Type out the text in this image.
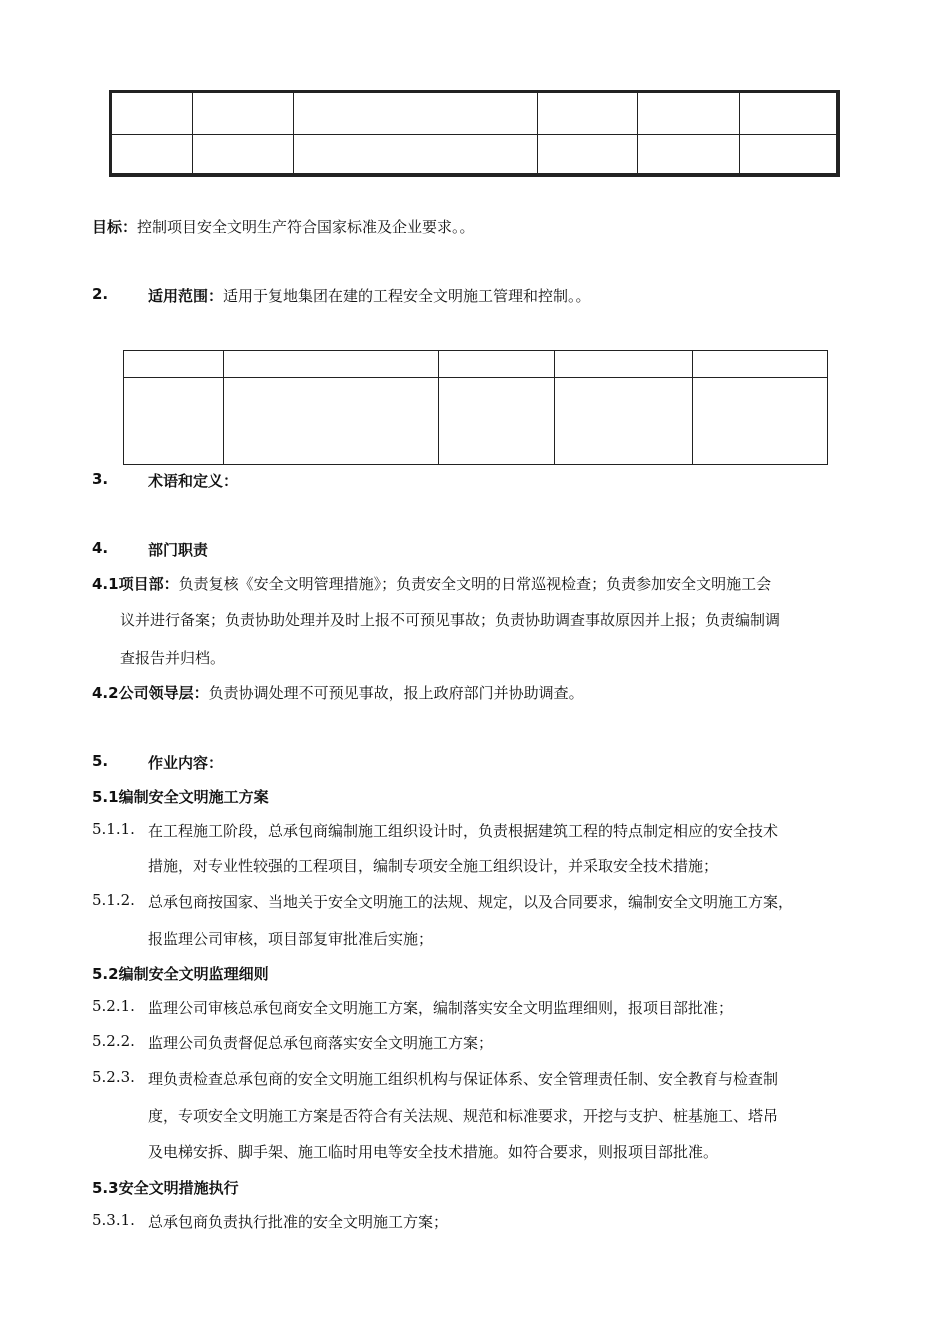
目标：控制项目安全文明生产符合国家标准及企业要求。。
2.	适用范围：适用于复地集团在建的工程安全文明施工管理和控制。。

3.	术语和定义：
4.	部门职责
4.1项目部：负责复核《安全文明管理措施》；负责安全文明的日常巡视检查；负责参加安全文明施工会
议并进行备案；负责协助处理并及时上报不可预见事故；负责协助调查事故原因并上报；负责编制调
查报告并归档。
4.2公司领导层：负责协调处理不可预见事故，报上政府部门并协助调查。
5.	作业内容：
5.1编制安全文明施工方案
5.1.1. 在工程施工阶段，总承包商编制施工组织设计时，负责根据建筑工程的特点制定相应的安全技术
措施，对专业性较强的工程项目，编制专项安全施工组织设计，并采取安全技术措施；
5.1.2. 总承包商按国家、当地关于安全文明施工的法规、规定，以及合同要求，编制安全文明施工方案，
报监理公司审核，项目部复审批准后实施；
5.2编制安全文明监理细则
5.2.1. 监理公司审核总承包商安全文明施工方案，编制落实安全文明监理细则，报项目部批准；
5.2.2. 监理公司负责督促总承包商落实安全文明施工方案；
5.2.3. 理负责检查总承包商的安全文明施工组织机构与保证体系、安全管理责任制、安全教育与检查制
度，专项安全文明施工方案是否符合有关法规、规范和标准要求，开挖与支护、桩基施工、塔吊
及电梯安拆、脚手架、施工临时用电等安全技术措施。如符合要求，则报项目部批准。
5.3安全文明措施执行
5.3.1. 总承包商负责执行批准的安全文明施工方案；
